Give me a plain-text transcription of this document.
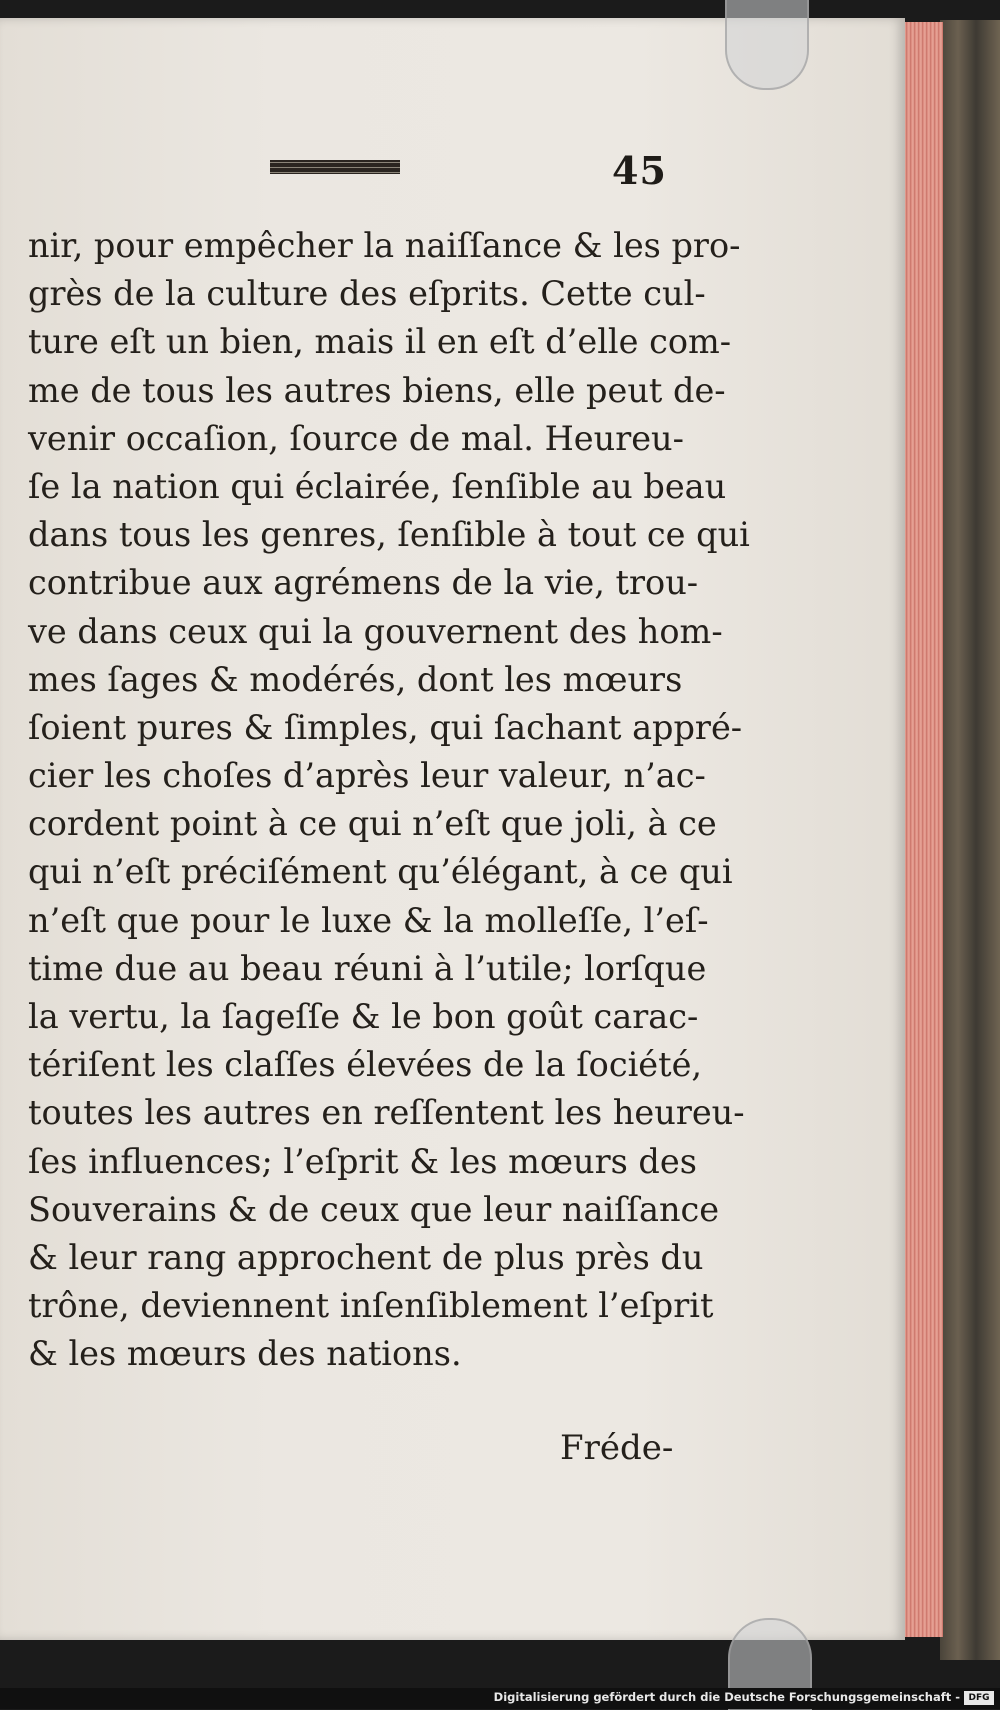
45
nir, pour empêcher la naiſſance & les pro-
grès de la culture des eſprits. Cette cul-
ture eſt un bien, mais il en eſt d’elle com-
me de tous les autres biens, elle peut de-
venir occaſion, ſource de mal. Heureu-
ſe la nation qui éclairée, ſenſible au beau
dans tous les genres, ſenſible à tout ce qui
contribue aux agrémens de la vie, trou-
ve dans ceux qui la gouvernent des hom-
mes ſages & modérés, dont les mœurs
ſoient pures & ſimples, qui ſachant appré-
cier les choſes d’après leur valeur, n’ac-
cordent point à ce qui n’eſt que joli, à ce
qui n’eſt préciſément qu’élégant, à ce qui
n’eſt que pour le luxe & la molleſſe, l’eſ-
time due au beau réuni à l’utile; lorſque
la vertu, la ſageſſe & le bon goût carac-
tériſent les claſſes élevées de la ſociété,
toutes les autres en reſſentent les heureu-
ſes influences; l’eſprit & les mœurs des
Souverains & de ceux que leur naiſſance
& leur rang approchent de plus près du
trône, deviennent inſenſiblement l’eſprit
& les mœurs des nations.
Fréde-
Digitalisierung gefördert durch die Deutsche Forschungsgemeinschaft - DFG
